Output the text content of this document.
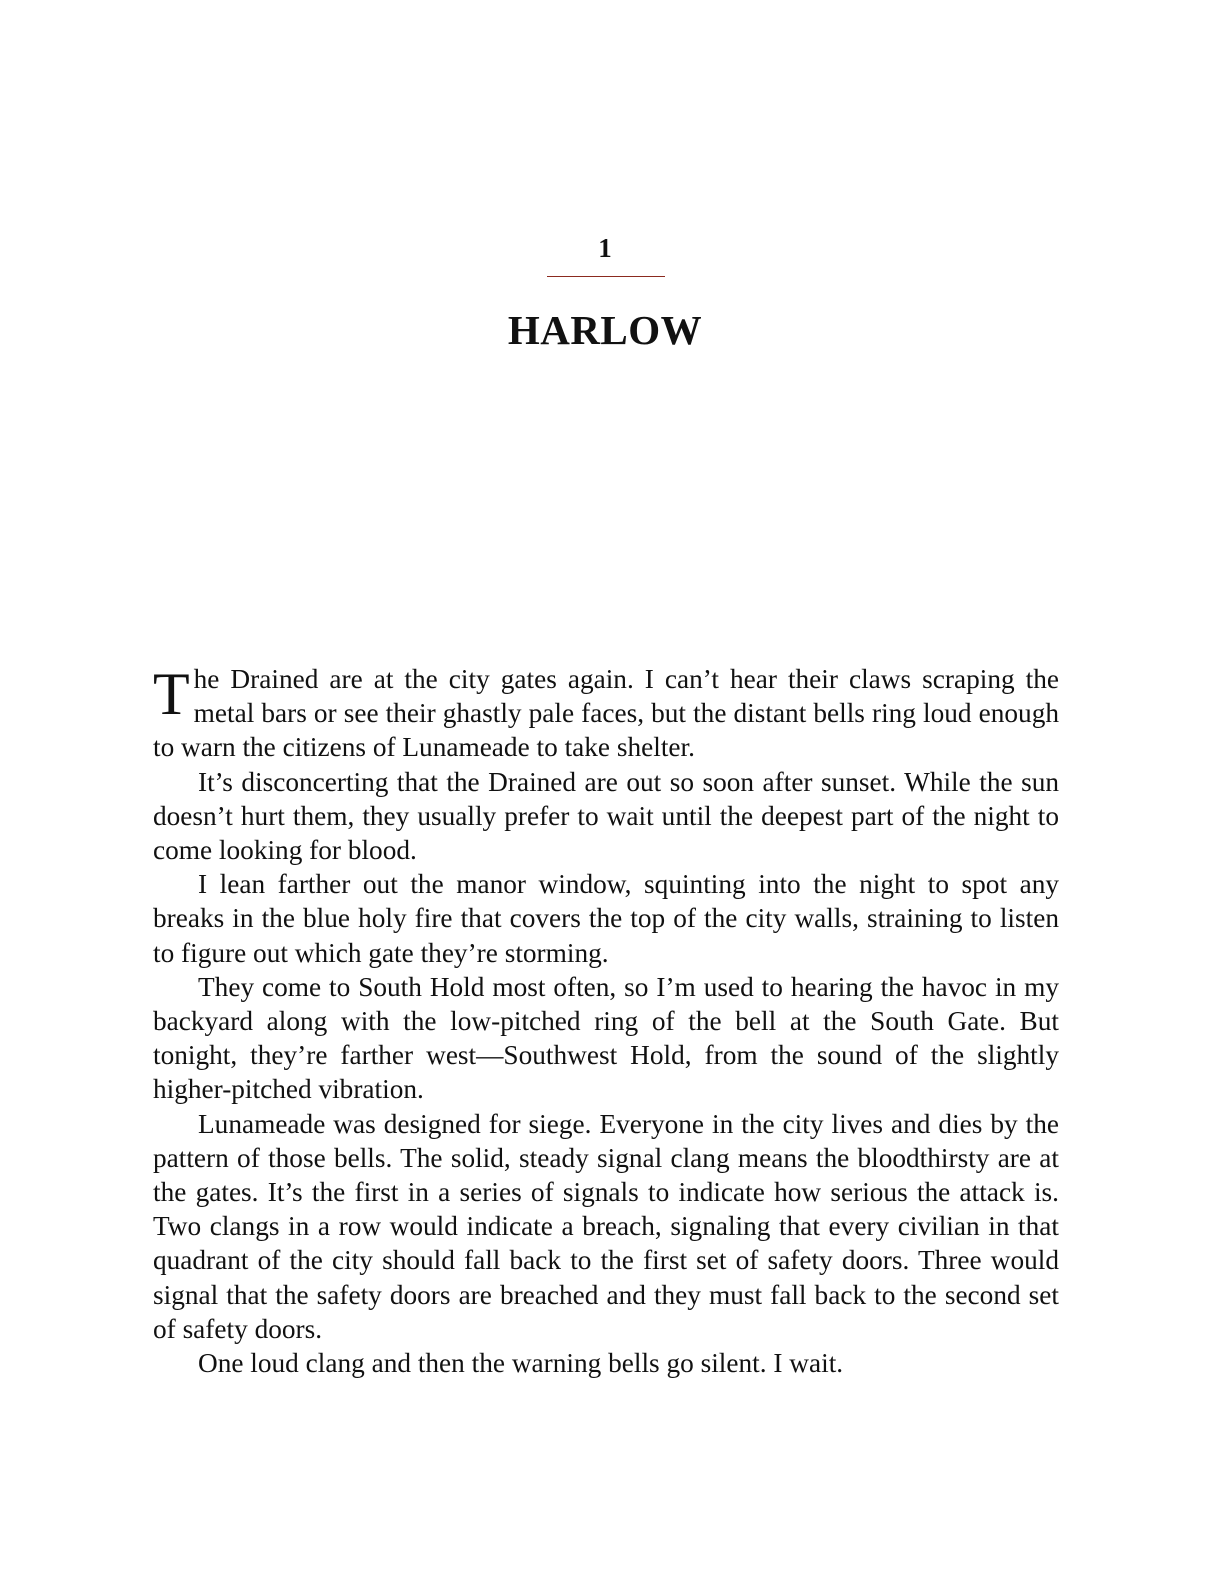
1
HARLOW

The Drained are at the city gates again. I can’t hear their claws scraping the metal bars or see their ghastly pale faces, but the distant bells ring loud enough to warn the citizens of Lunameade to take shelter.

It’s disconcerting that the Drained are out so soon after sunset. While the sun doesn’t hurt them, they usually prefer to wait until the deepest part of the night to come looking for blood.

I lean farther out the manor window, squinting into the night to spot any breaks in the blue holy fire that covers the top of the city walls, straining to listen to figure out which gate they’re storming.

They come to South Hold most often, so I’m used to hearing the havoc in my backyard along with the low-pitched ring of the bell at the South Gate. But tonight, they’re farther west—Southwest Hold, from the sound of the slightly higher-pitched vibration.

Lunameade was designed for siege. Everyone in the city lives and dies by the pattern of those bells. The solid, steady signal clang means the bloodthirsty are at the gates. It’s the first in a series of signals to indicate how serious the attack is. Two clangs in a row would indicate a breach, signaling that every civilian in that quadrant of the city should fall back to the first set of safety doors. Three would signal that the safety doors are breached and they must fall back to the second set of safety doors.

One loud clang and then the warning bells go silent. I wait.
